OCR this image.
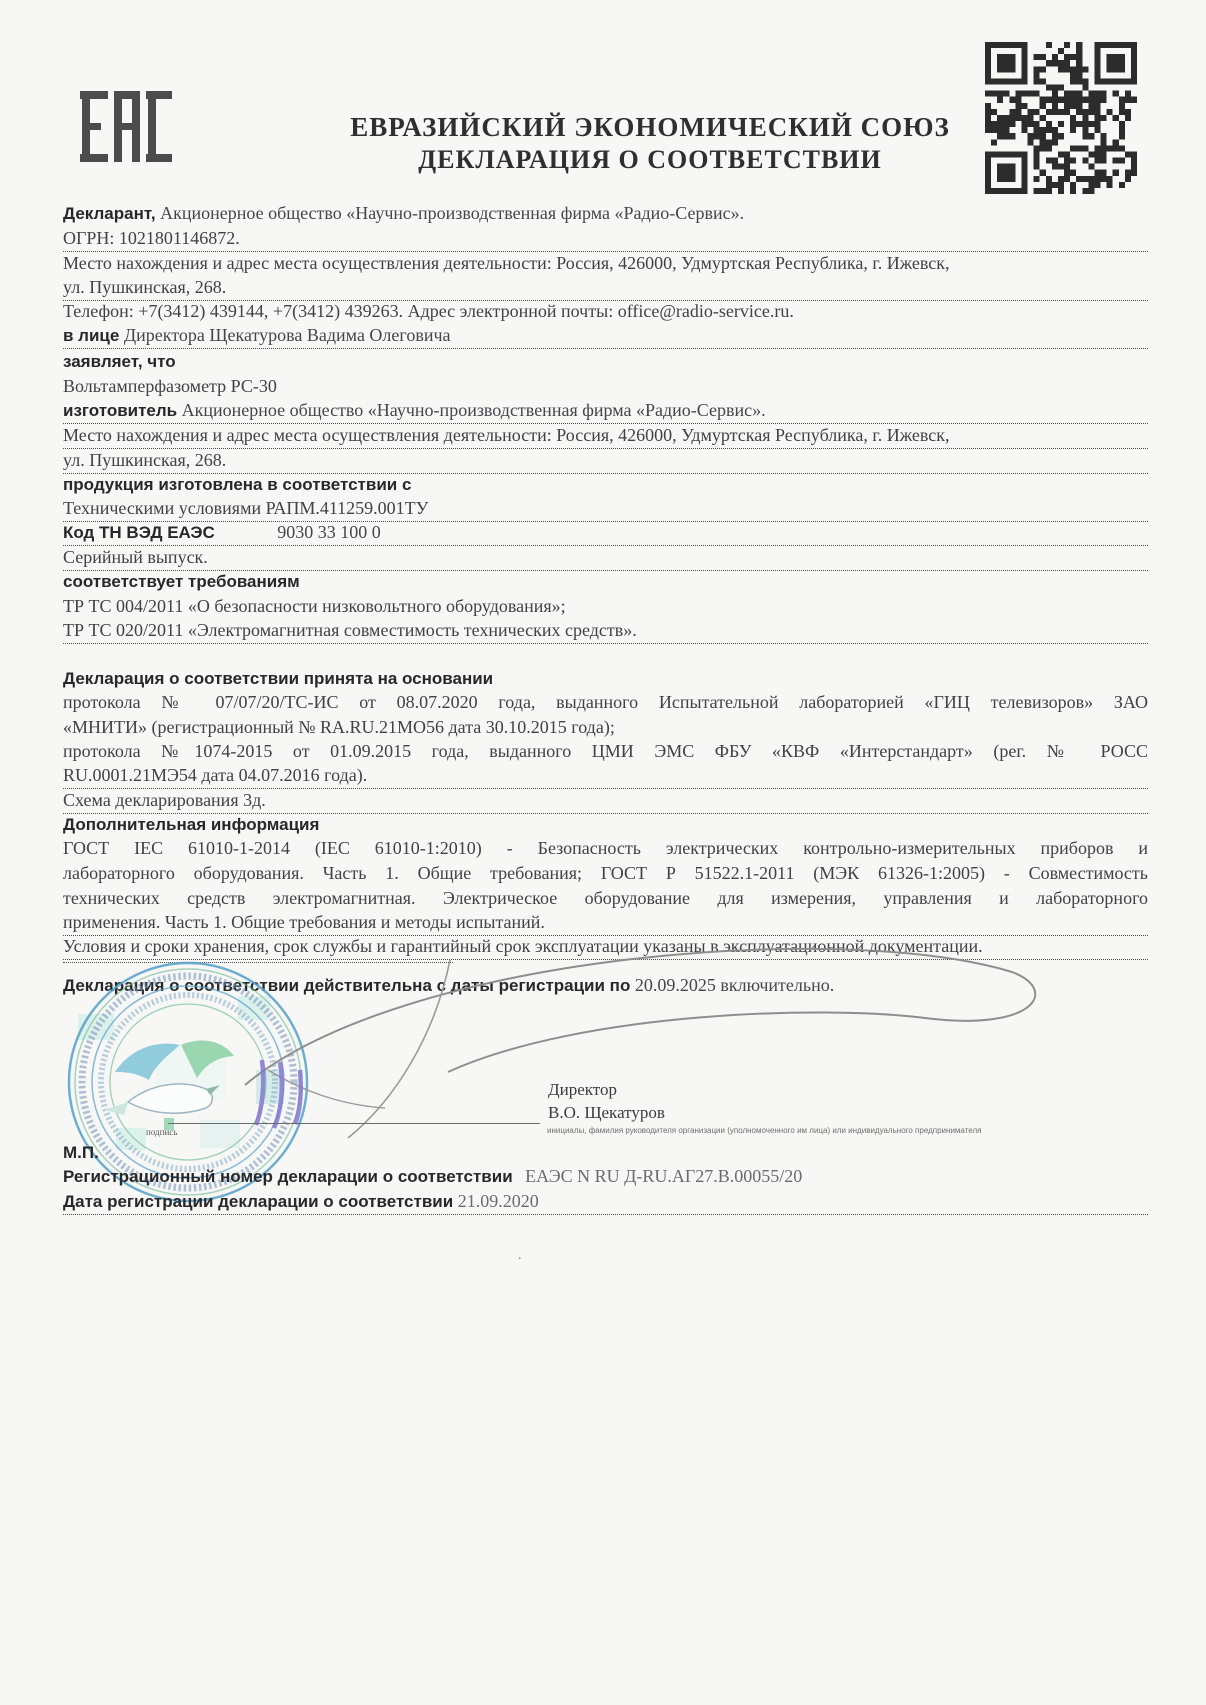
ЕВРАЗИЙСКИЙ ЭКОНОМИЧЕСКИЙ СОЮЗ
ДЕКЛАРАЦИЯ О СООТВЕТСТВИИ
Декларант, Акционерное общество «Научно-производственная фирма «Радио-Сервис».
ОГРН: 1021801146872.
Место нахождения и адрес места осуществления деятельности: Россия, 426000, Удмуртская Республика, г. Ижевск,
ул. Пушкинская, 268.
Телефон: +7(3412) 439144, +7(3412) 439263. Адрес электронной почты: office@radio-service.ru.
в лице Директора Щекатурова Вадима Олеговича
заявляет, что
Вольтамперфазометр РС-30
изготовитель Акционерное общество «Научно-производственная фирма «Радио-Сервис».
Место нахождения и адрес места осуществления деятельности: Россия, 426000, Удмуртская Республика, г. Ижевск,
ул. Пушкинская, 268.
продукция изготовлена в соответствии с
Техническими условиями РАПМ.411259.001ТУ
Код ТН ВЭД ЕАЭС	9030 33 100 0
Серийный выпуск.
соответствует требованиям
ТР ТС 004/2011 «О безопасности низковольтного оборудования»;
ТР ТС 020/2011 «Электромагнитная совместимость технических средств».
Декларация о соответствии принята на основании
протокола № 07/07/20/ТС-ИС от 08.07.2020 года, выданного Испытательной лабораторией «ГИЦ телевизоров» ЗАО
«МНИТИ» (регистрационный № RA.RU.21МО56 дата 30.10.2015 года);
протокола №1074-2015 от 01.09.2015 года, выданного ЦМИ ЭМС ФБУ «КВФ «Интерстандарт» (рег. № РОСС
RU.0001.21МЭ54 дата 04.07.2016 года).
Схема декларирования 3д.
Дополнительная информация
ГОСТ IEC 61010-1-2014 (IEC 61010-1:2010) - Безопасность электрических контрольно-измерительных приборов и
лабораторного оборудования. Часть 1. Общие требования; ГОСТ Р 51522.1-2011 (МЭК 61326-1:2005) - Совместимость
технических средств электромагнитная. Электрическое оборудование для измерения, управления и лабораторного
применения. Часть 1. Общие требования и методы испытаний.
Условия и сроки хранения, срок службы и гарантийный срок эксплуатации указаны в эксплуатационной документации.
Декларация о соответствии действительна с даты регистрации по 20.09.2025 включительно.
подпись
Директор
В.О. Щекатуров
инициалы, фамилия руководителя организации (уполномоченного им лица) или индивидуального предпринимателя
М.П.
Регистрационный номер декларации о соответствии ЕАЭС N RU Д-RU.АГ27.В.00055/20
Дата регистрации декларации о соответствии 21.09.2020
.
